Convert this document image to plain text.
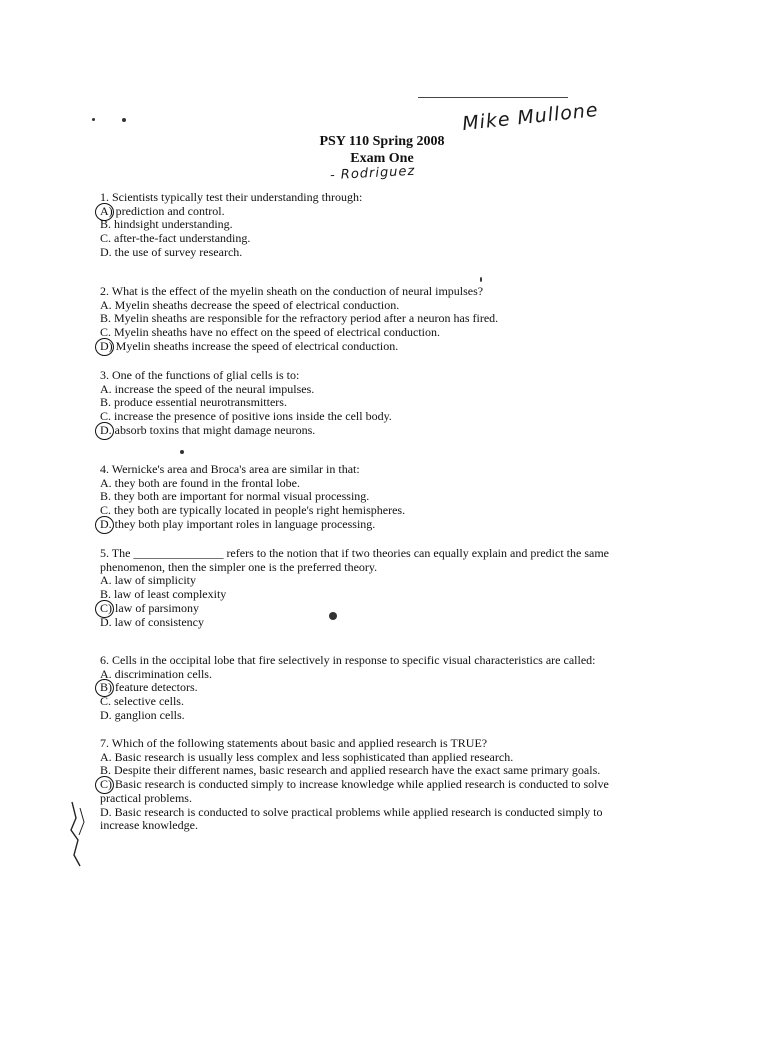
Mike Mullone
PSY 110 Spring 2008
Exam One
- Rodriguez

1. Scientists typically test their understanding through:

A) prediction and control.

B. hindsight understanding.

C. after-the-fact understanding.

D. the use of survey research.

2. What is the effect of the myelin sheath on the conduction of neural impulses?

A. Myelin sheaths decrease the speed of electrical conduction.

B. Myelin sheaths are responsible for the refractory period after a neuron has fired.

C. Myelin sheaths have no effect on the speed of electrical conduction.

D) Myelin sheaths increase the speed of electrical conduction.

3. One of the functions of glial cells is to:

A. increase the speed of the neural impulses.

B. produce essential neurotransmitters.

C. increase the presence of positive ions inside the cell body.

D. absorb toxins that might damage neurons.

4. Wernicke's area and Broca's area are similar in that:

A. they both are found in the frontal lobe.

B. they both are important for normal visual processing.

C. they both are typically located in people's right hemispheres.

D. they both play important roles in language processing.

5. The _______________ refers to the notion that if two theories can equally explain and predict the same phenomenon, then the simpler one is the preferred theory.

A. law of simplicity

B. law of least complexity

C) law of parsimony

D. law of consistency

6. Cells in the occipital lobe that fire selectively in response to specific visual characteristics are called:

A. discrimination cells.

B) feature detectors.

C. selective cells.

D. ganglion cells.

7. Which of the following statements about basic and applied research is TRUE?

A. Basic research is usually less complex and less sophisticated than applied research.

B. Despite their different names, basic research and applied research have the exact same primary goals.

C) Basic research is conducted simply to increase knowledge while applied research is conducted to solve practical problems.

D. Basic research is conducted to solve practical problems while applied research is conducted simply to increase knowledge.
